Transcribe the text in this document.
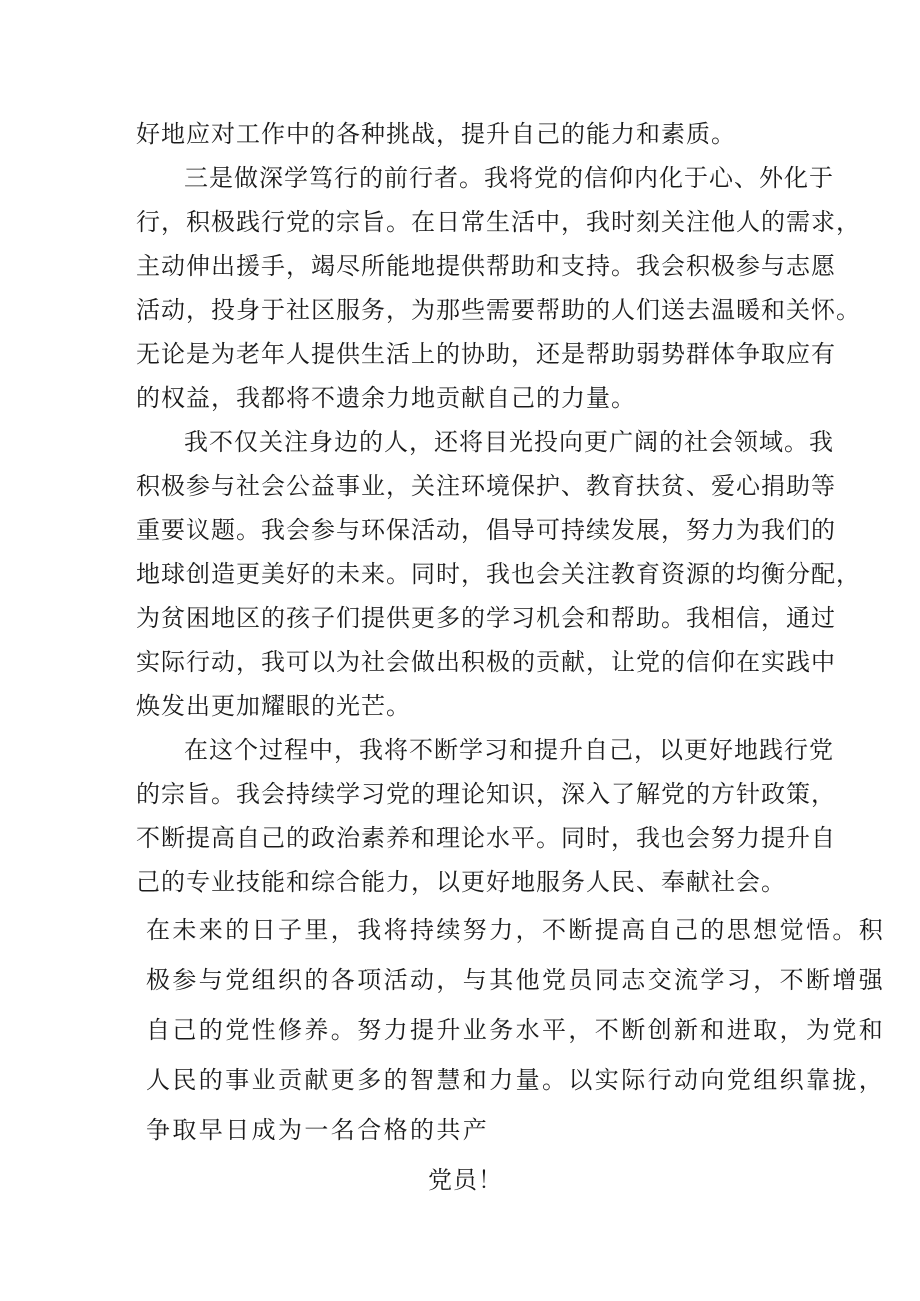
好地应对工作中的各种挑战，提升自己的能力和素质。
三是做深学笃行的前行者。我将党的信仰内化于心、外化于
行，积极践行党的宗旨。在日常生活中，我时刻关注他人的需求，
主动伸出援手，竭尽所能地提供帮助和支持。我会积极参与志愿
活动，投身于社区服务，为那些需要帮助的人们送去温暖和关怀。
无论是为老年人提供生活上的协助，还是帮助弱势群体争取应有
的权益，我都将不遗余力地贡献自己的力量。
我不仅关注身边的人，还将目光投向更广阔的社会领域。我
积极参与社会公益事业，关注环境保护、教育扶贫、爱心捐助等
重要议题。我会参与环保活动，倡导可持续发展，努力为我们的
地球创造更美好的未来。同时，我也会关注教育资源的均衡分配，
为贫困地区的孩子们提供更多的学习机会和帮助。我相信，通过
实际行动，我可以为社会做出积极的贡献，让党的信仰在实践中
焕发出更加耀眼的光芒。
在这个过程中，我将不断学习和提升自己，以更好地践行党
的宗旨。我会持续学习党的理论知识，深入了解党的方针政策，
不断提高自己的政治素养和理论水平。同时，我也会努力提升自
己的专业技能和综合能力，以更好地服务人民、奉献社会。
在未来的日子里，我将持续努力，不断提高自己的思想觉悟。积
极参与党组织的各项活动，与其他党员同志交流学习，不断增强
自己的党性修养。努力提升业务水平，不断创新和进取，为党和
人民的事业贡献更多的智慧和力量。以实际行动向党组织靠拢，
争取早日成为一名合格的共产
党员！
